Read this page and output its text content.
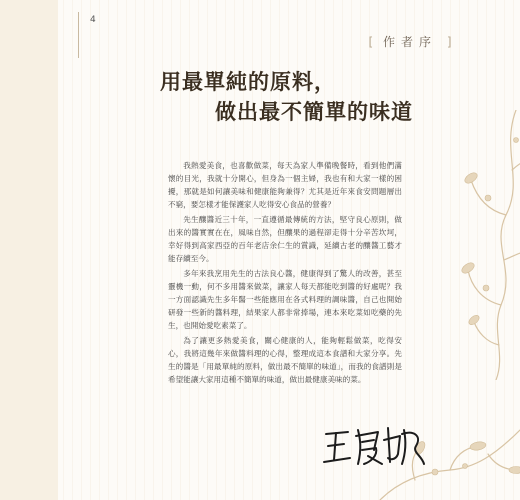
4
[ 作者序 ]
用最單純的原料，
做出最不簡單的味道

我熱愛美食，也喜歡做菜，每天為家人準備晚餐時，看到他們滿懷的目光，我就十分開心，但身為一個主婦，我也有和大家一樣的困擾，那就是如何讓美味和健康能夠兼得？尤其是近年來食安問題層出不窮，要怎樣才能保護家人吃得安心食品的營養？

先生釀醬近三十年，一直遵循最傳統的方法，堅守良心原則，做出來的醬實實在在，風味自然，但釀果的過程卻走得十分辛苦坎坷，幸好得到高家西亞的百年老店余仁生的賞識，延續古老的釀醬工藝才能存續至今。

多年來我烹用先生的古法良心醬，健康得到了驚人的改善，甚至靈機一動，何不多用醬來做菜，讓家人每天都能吃到醬的好處呢？我一方面認識先生多年醫一些能應用在各式料理的調味醬，自己也開始研發一些新的醬料理，結果家人都非常捧場，連本來吃菜如吃藥的先生，也開始愛吃素菜了。

為了讓更多熱愛美食，關心健康的人，能夠輕鬆做菜，吃得安心，我將這幾年來做醬料理的心得，整理成這本食譜和大家分享。先生的醬是「用最單純的原料，做出最不簡單的味道」，而我的食譜則是希望能讓大家用這種不簡單的味道，做出最健康美味的菜。
